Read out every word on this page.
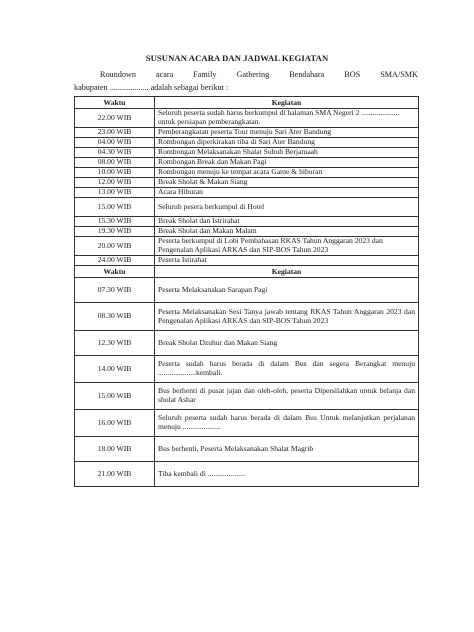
SUSUNAN ACARA DAN JADWAL KEGIATAN
Roundown acara Family Gathering Bendahara BOS SMA/SMK
kabupaten ................... adalah sebagai berikut :
Waktu	Kegiatan
22.00 WIB	Seluruh peserta sudah harus berkumpul di halaman SMA Negeri 2 .................... untuk persiapan pemberangkatan.
23.00 WIB	Pemberangkatan peserta Tour menuju Sari Ater Bandung
04.00 WIB	Rombongan diperkirakan tiba di Sari Ater Bandung
04.30 WIB	Rombongan Melaksanakan Shalat Subuh Berjamaah
08.00 WIB	Rombongan Break dan Makan Pagi
10.00 WIB	Rombongan menuju ke tempat acara Game & hiburan
12.00 WIB	Break Sholat & Makan Siang
13.00 WIB	Acara Hiburan
15.00 WIB	Seluruh pesera berkumpul di Hotel
15.30 WIB	Break Sholat dan Istrirahat
19.30 WIB	Break Sholat dan Makan Malam
20.00 WIB	Peserta berkumpul di Lobi Pembahasan RKAS Tahun Anggaran 2023 dan Pengenalan Aplikasi ARKAS dan SIP-BOS Tahun 2023
24.00 WIB	Peserta Istirahat
Waktu	Kegiatan
07.30 WIB	Peserta Melaksanakan Sarapan Pagi
08.30 WIB	Peserta Melaksanakan Sesi Tanya jawab tentang RKAS Tahun Anggaran 2023 dan Pengenalan Aplikasi ARKAS dan SIP-BOS Tahun 2023
12.30 WIB	Break Sholat Dzuhur dan Makan Siang
14.00 WIB	Peserta sudah harus berada di dalam Bus dan segera Berangkat menuju ....................kembali.
15.00 WIB	Bus berhenti di pusat jajan dan oleh-oleh, peserta Dipersilahkan untuk belanja dan sholat Ashar
16.00 WIB	Seluruh peserta sudah harus berada di dalam Bus Untuk melanjutkan perjalanan menuju ....................
18.00 WIB	Bus berhenti, Peserta Melaksanakan Shalat Magrib
21.00 WIB	Tiba kembali di ....................
